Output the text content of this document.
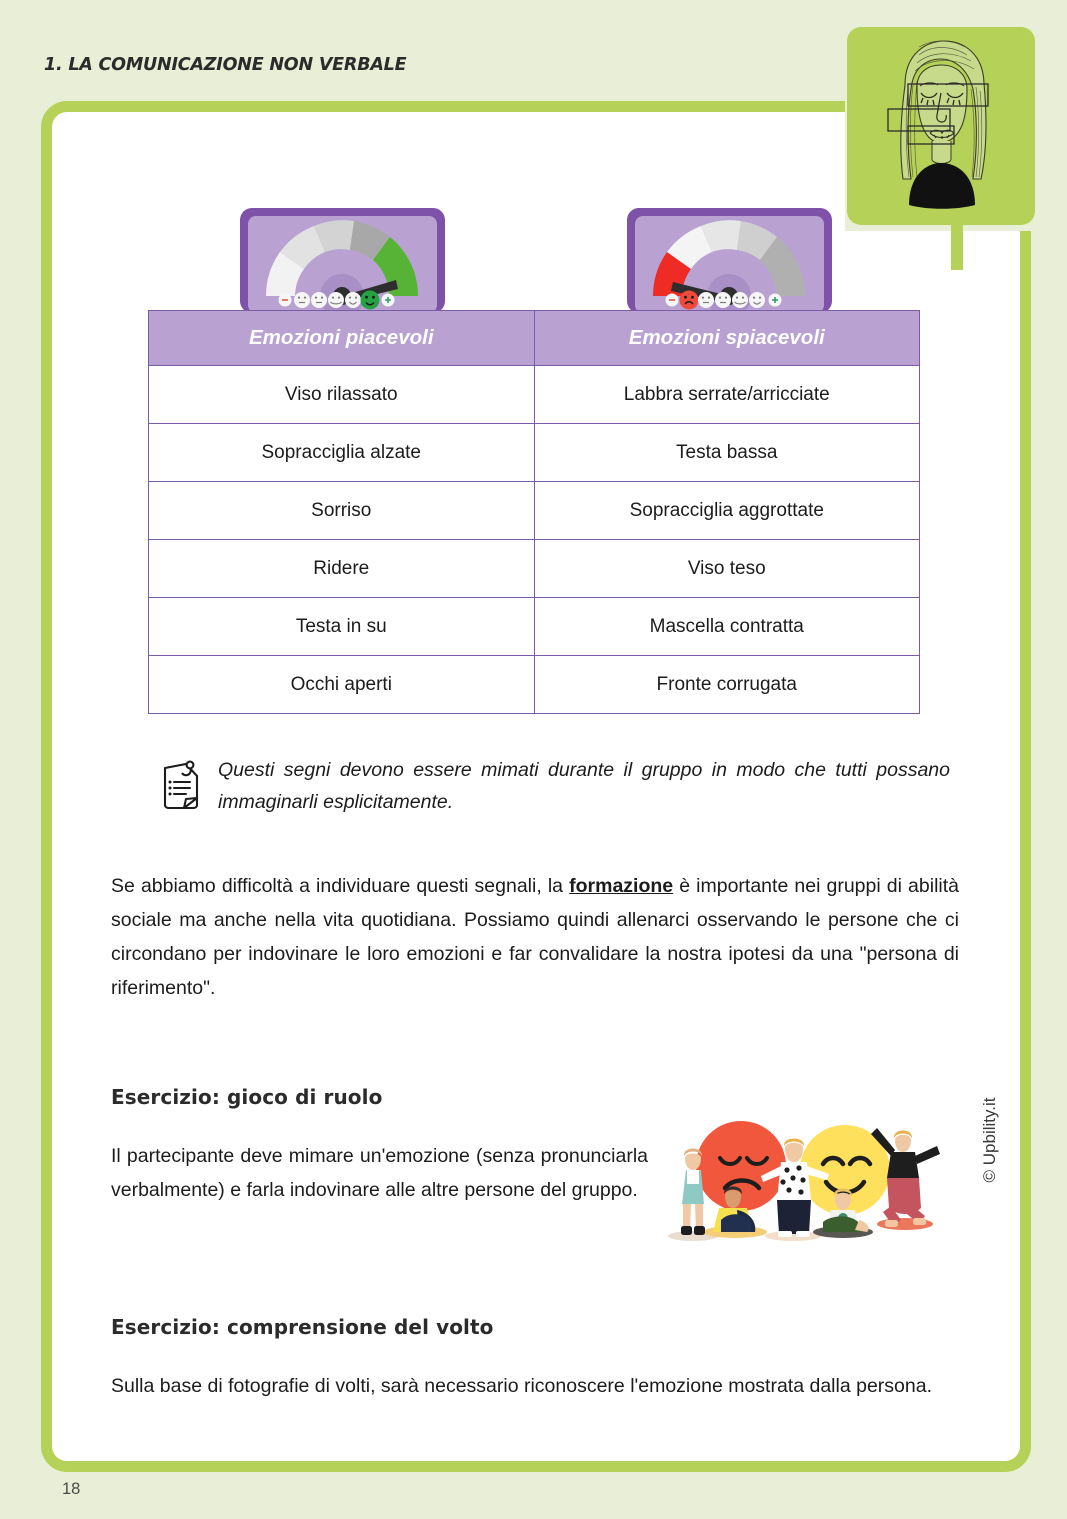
1. LA COMUNICAZIONE NON VERBALE
Emozioni piacevoli	Emozioni spiacevoli
Viso rilassato	Labbra serrate/arricciate
Sopracciglia alzate	Testa bassa
Sorriso	Sopracciglia aggrottate
Ridere	Viso teso
Testa in su	Mascella contratta
Occhi aperti	Fronte corrugata
Questi segni devono essere mimati durante il gruppo in modo che tutti possano immaginarli esplicitamente.

Se abbiamo difficoltà a individuare questi segnali, la formazione è importante nei gruppi di abilità sociale ma anche nella vita quotidiana. Possiamo quindi allenarci osservando le persone che ci circondano per indovinare le loro emozioni e far convalidare la nostra ipotesi da una "persona di riferimento".

Esercizio: gioco di ruolo

Il partecipante deve mimare un'emozione (senza pronunciarla verbalmente) e farla indovinare alle altre persone del gruppo.

Esercizio: comprensione del volto

Sulla base di fotografie di volti, sarà necessario riconoscere l'emozione mostrata dalla persona.

© Upbility.it
18
